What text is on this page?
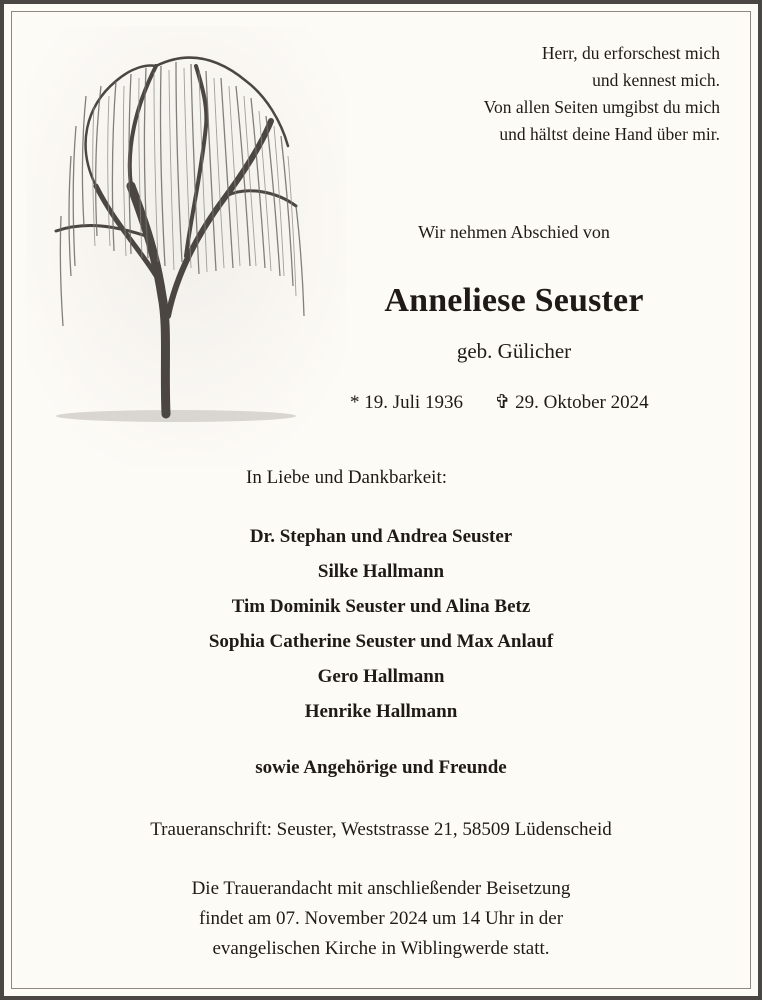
Herr, du erforschest mich
und kennest mich.
Von allen Seiten umgibst du mich
und hältst deine Hand über mir.
Wir nehmen Abschied von
Anneliese Seuster
geb. Gülicher
* 19. Juli 1936 ✞ 29. Oktober 2024
In Liebe und Dankbarkeit:
Dr. Stephan und Andrea Seuster
Silke Hallmann
Tim Dominik Seuster und Alina Betz
Sophia Catherine Seuster und Max Anlauf
Gero Hallmann
Henrike Hallmann
sowie Angehörige und Freunde
Traueranschrift: Seuster, Weststrasse 21, 58509 Lüdenscheid
Die Trauerandacht mit anschließender Beisetzung
findet am 07. November 2024 um 14 Uhr in der
evangelischen Kirche in Wiblingwerde statt.
